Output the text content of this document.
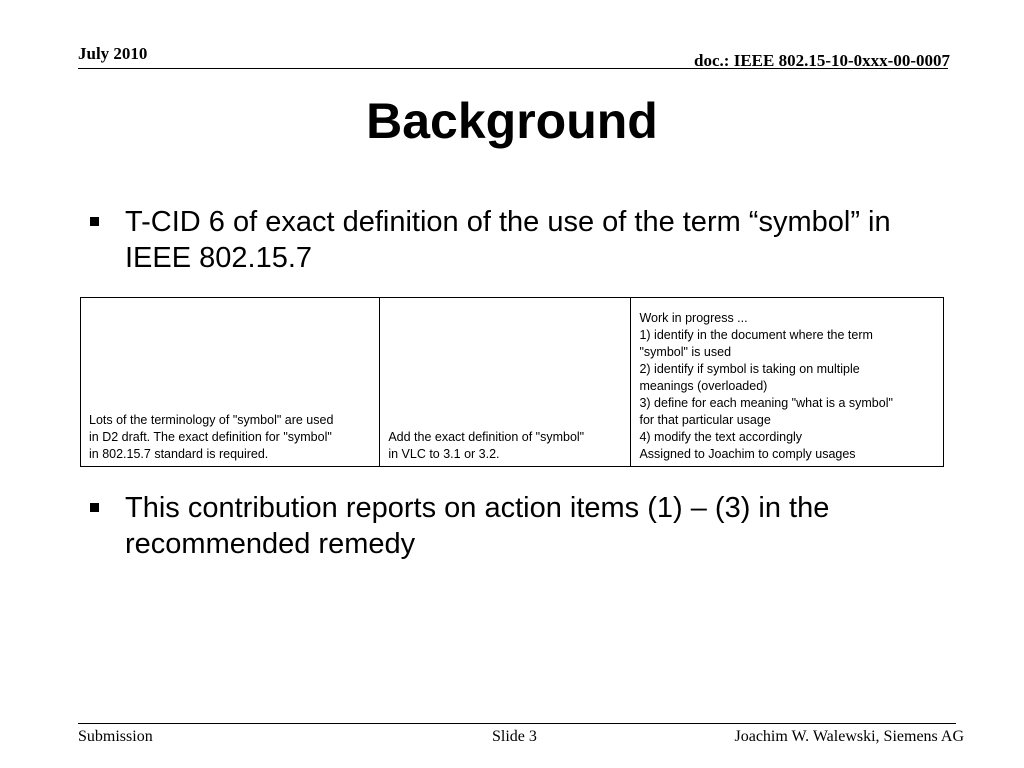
July 2010	doc.: IEEE 802.15-10-0xxx-00-0007
Background
T-CID 6 of exact definition of the use of the term “symbol” in IEEE 802.15.7
Lots of the terminology of "symbol" are used
in D2 draft. The exact definition for "symbol"
in 802.15.7 standard is required.

Add the exact definition of "symbol"
in VLC to 3.1 or 3.2.

Work in progress ...
1) identify in the document where the term
"symbol" is used
2) identify if symbol is taking on multiple
meanings (overloaded)
3) define for each meaning "what is a symbol"
for that particular usage
4) modify the text accordingly
Assigned to Joachim to comply usages
This contribution reports on action items (1) – (3) in the recommended remedy
Submission	Slide 3	Joachim W. Walewski, Siemens AG
